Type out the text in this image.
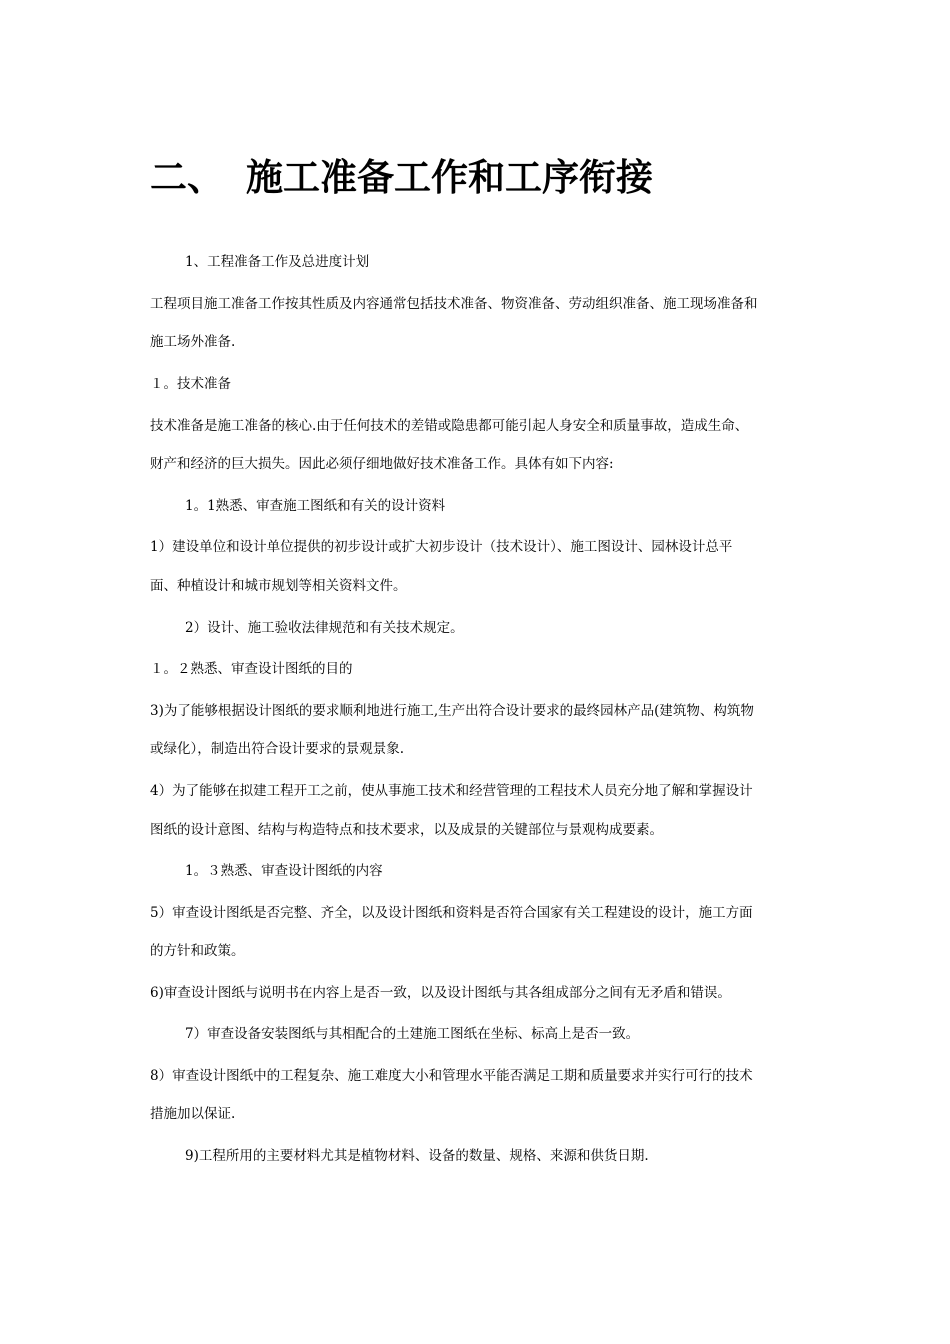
二、 施工准备工作和工序衔接
1、工程准备工作及总进度计划
工程项目施工准备工作按其性质及内容通常包括技术准备、物资准备、劳动组织准备、施工现场准备和
施工场外准备.
１。技术准备
技术准备是施工准备的核心.由于任何技术的差错或隐患都可能引起人身安全和质量事故，造成生命、
财产和经济的巨大损失。因此必须仔细地做好技术准备工作。具体有如下内容:
1。1熟悉、审查施工图纸和有关的设计资料
1）建设单位和设计单位提供的初步设计或扩大初步设计（技术设计）、施工图设计、园林设计总平
面、种植设计和城市规划等相关资料文件。
2）设计、施工验收法律规范和有关技术规定。
１。２熟悉、审查设计图纸的目的
3)为了能够根据设计图纸的要求顺利地进行施工,生产出符合设计要求的最终园林产品(建筑物、构筑物
或绿化），制造出符合设计要求的景观景象.
4）为了能够在拟建工程开工之前，使从事施工技术和经营管理的工程技术人员充分地了解和掌握设计
图纸的设计意图、结构与构造特点和技术要求，以及成景的关键部位与景观构成要素。
1。３熟悉、审查设计图纸的内容
5）审查设计图纸是否完整、齐全，以及设计图纸和资料是否符合国家有关工程建设的设计，施工方面
的方针和政策。
6)审查设计图纸与说明书在内容上是否一致，以及设计图纸与其各组成部分之间有无矛盾和错误。
7）审查设备安装图纸与其相配合的土建施工图纸在坐标、标高上是否一致。
8）审查设计图纸中的工程复杂、施工难度大小和管理水平能否满足工期和质量要求并实行可行的技术
措施加以保证.
9)工程所用的主要材料尤其是植物材料、设备的数量、规格、来源和供货日期.
